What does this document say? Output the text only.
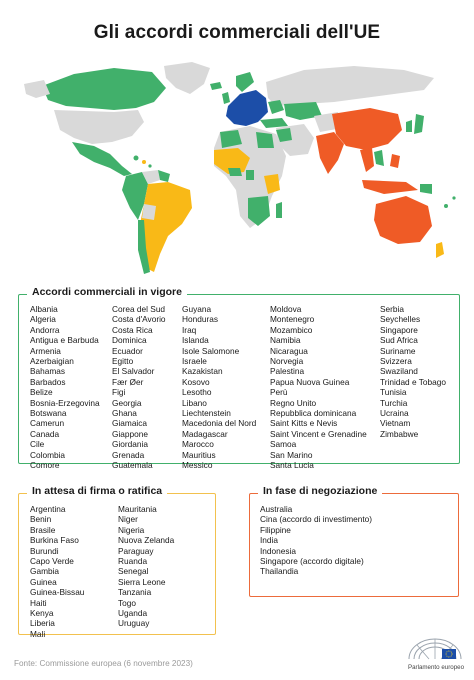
Gli accordi commerciali dell'UE
Accordi commerciali in vigore
Albania
Algeria
Andorra
Antigua e Barbuda
Armenia
Azerbaigian
Bahamas
Barbados
Belize
Bosnia-Erzegovina
Botswana
Camerun
Canada
Cile
Colombia
Comore
Corea del Sud
Costa d'Avorio
Costa Rica
Dominica
Ecuador
Egitto
El Salvador
Fær Øer
Figi
Georgia
Ghana
Giamaica
Giappone
Giordania
Grenada
Guatemala
Guyana
Honduras
Iraq
Islanda
Isole Salomone
Israele
Kazakistan
Kosovo
Lesotho
Libano
Liechtenstein
Macedonia del Nord
Madagascar
Marocco
Mauritius
Messico
Moldova
Montenegro
Mozambico
Namibia
Nicaragua
Norvegia
Palestina
Papua Nuova Guinea
Perù
Regno Unito
Repubblica dominicana
Saint Kitts e Nevis
Saint Vincent e Grenadine
Samoa
San Marino
Santa Lucia
Serbia
Seychelles
Singapore
Sud Africa
Suriname
Svizzera
Swaziland
Trinidad e Tobago
Tunisia
Turchia
Ucraina
Vietnam
Zimbabwe
In attesa di firma o ratifica
Argentina
Benin
Brasile
Burkina Faso
Burundi
Capo Verde
Gambia
Guinea
Guinea-Bissau
Haiti
Kenya
Liberia
Mali
Mauritania
Niger
Nigeria
Nuova Zelanda
Paraguay
Ruanda
Senegal
Sierra Leone
Tanzania
Togo
Uganda
Uruguay
In fase di negoziazione
Australia
Cina (accordo di investimento)
Filippine
India
Indonesia
Singapore (accordo digitale)
Thailandia
Fonte: Commissione europea (6 novembre 2023)	Parlamento europeo
